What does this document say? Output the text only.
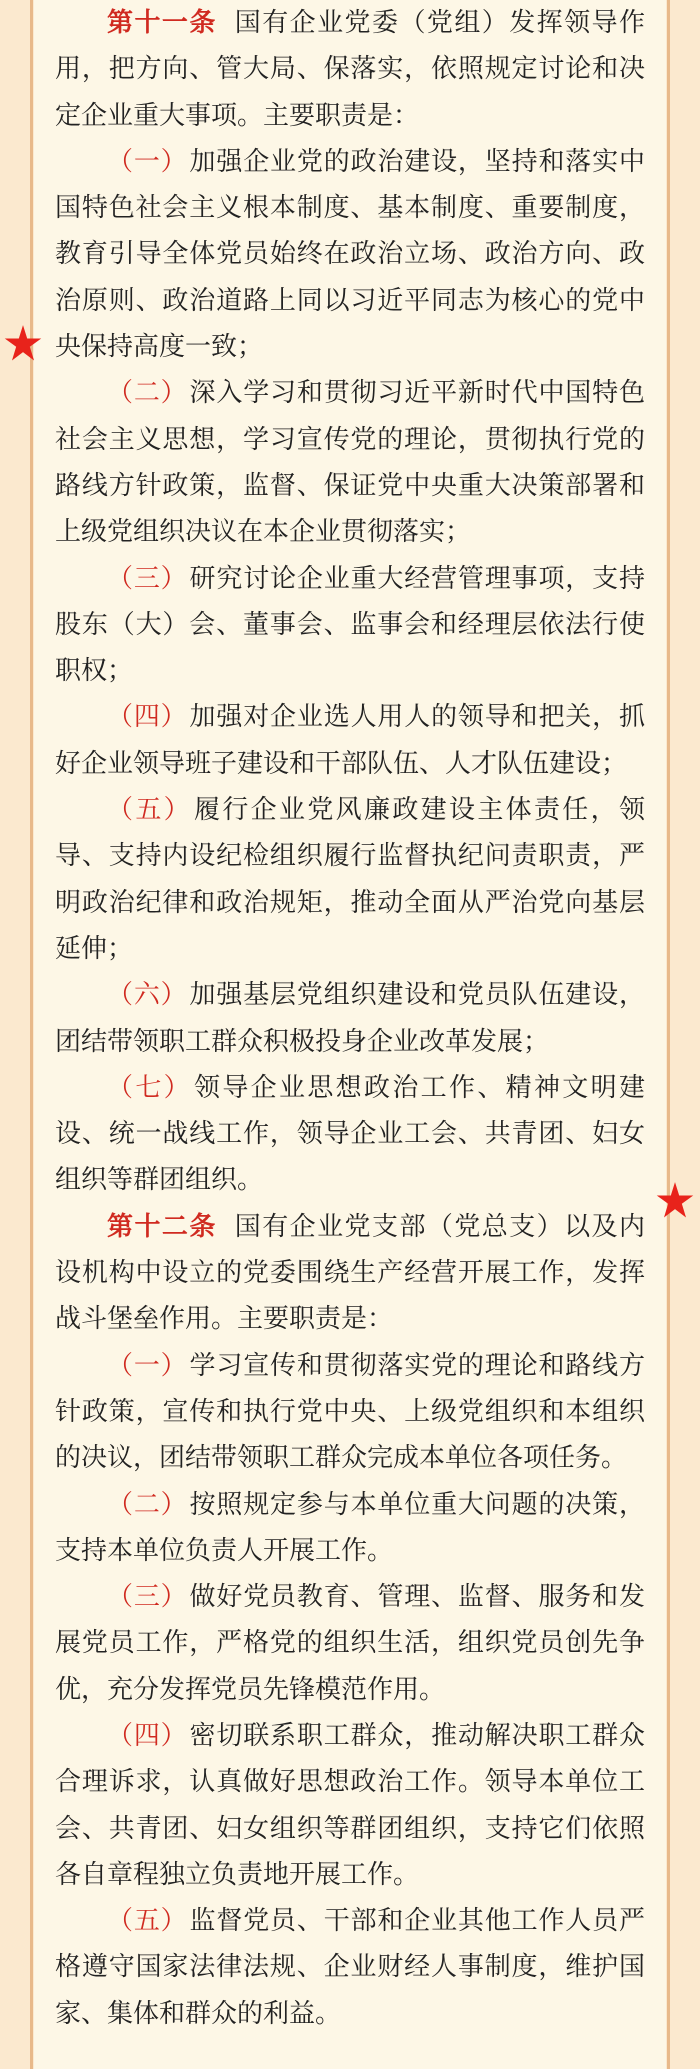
第十一条 国有企业党委（党组）发挥领导作用，把方向、管大局、保落实，依照规定讨论和决定企业重大事项。主要职责是：

（一）加强企业党的政治建设，坚持和落实中国特色社会主义根本制度、基本制度、重要制度，教育引导全体党员始终在政治立场、政治方向、政治原则、政治道路上同以习近平同志为核心的党中央保持高度一致；

（二）深入学习和贯彻习近平新时代中国特色社会主义思想，学习宣传党的理论，贯彻执行党的路线方针政策，监督、保证党中央重大决策部署和上级党组织决议在本企业贯彻落实；

（三）研究讨论企业重大经营管理事项，支持股东（大）会、董事会、监事会和经理层依法行使职权；

（四）加强对企业选人用人的领导和把关，抓好企业领导班子建设和干部队伍、人才队伍建设；

（五）履行企业党风廉政建设主体责任，领导、支持内设纪检组织履行监督执纪问责职责，严明政治纪律和政治规矩，推动全面从严治党向基层延伸；

（六）加强基层党组织建设和党员队伍建设，团结带领职工群众积极投身企业改革发展；

（七）领导企业思想政治工作、精神文明建设、统一战线工作，领导企业工会、共青团、妇女组织等群团组织。

第十二条 国有企业党支部（党总支）以及内设机构中设立的党委围绕生产经营开展工作，发挥战斗堡垒作用。主要职责是：

（一）学习宣传和贯彻落实党的理论和路线方针政策，宣传和执行党中央、上级党组织和本组织的决议，团结带领职工群众完成本单位各项任务。

（二）按照规定参与本单位重大问题的决策，支持本单位负责人开展工作。

（三）做好党员教育、管理、监督、服务和发展党员工作，严格党的组织生活，组织党员创先争优，充分发挥党员先锋模范作用。

（四）密切联系职工群众，推动解决职工群众合理诉求，认真做好思想政治工作。领导本单位工会、共青团、妇女组织等群团组织，支持它们依照各自章程独立负责地开展工作。

（五）监督党员、干部和企业其他工作人员严格遵守国家法律法规、企业财经人事制度，维护国家、集体和群众的利益。
